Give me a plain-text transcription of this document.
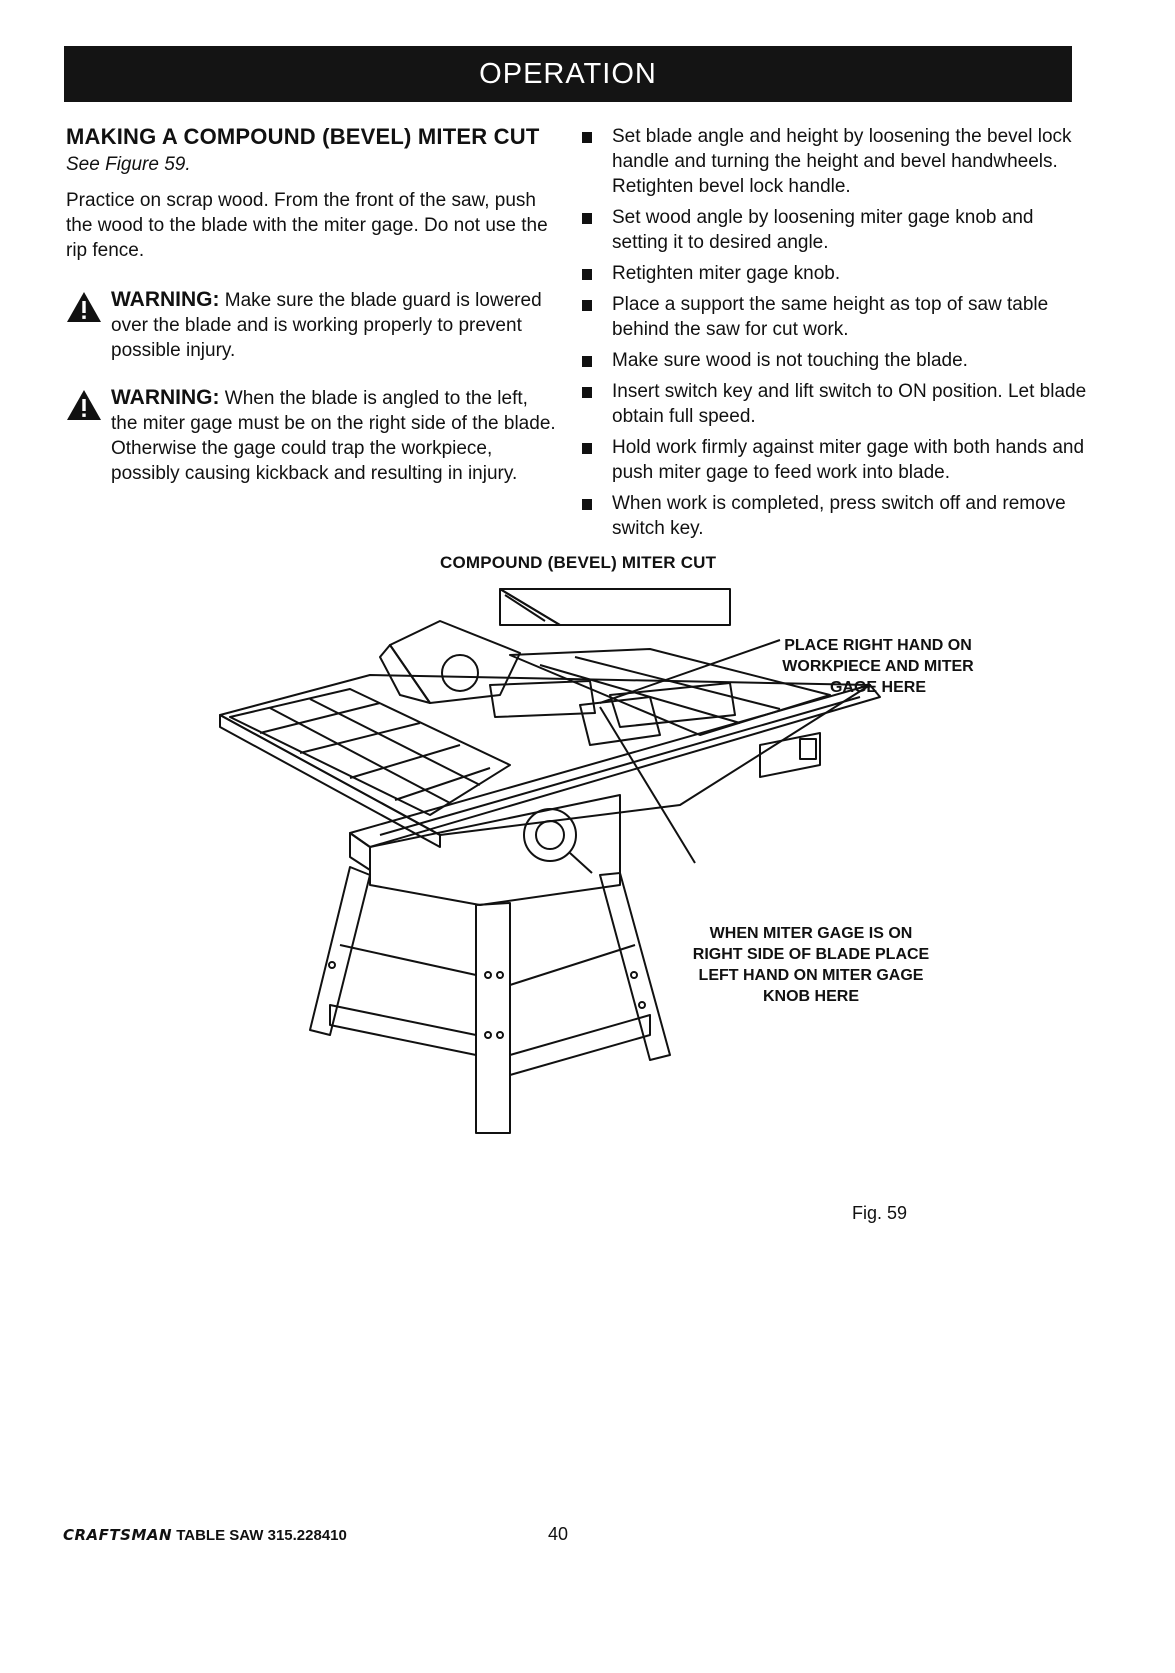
OPERATION
MAKING A COMPOUND (BEVEL) MITER CUT
See Figure 59.
Practice on scrap wood. From the front of the saw, push the wood to the blade with the miter gage. Do not use the rip fence.
WARNING: Make sure the blade guard is lowered over the blade and is working properly to prevent possible injury.
WARNING: When the blade is angled to the left, the miter gage must be on the right side of the blade. Otherwise the gage could trap the workpiece, possibly causing kickback and resulting in injury.
Set blade angle and height by loosening the bevel lock handle and turning the height and bevel handwheels. Retighten bevel lock handle.
Set wood angle by loosening miter gage knob and setting it to desired angle.
Retighten miter gage knob.
Place a support the same height as top of saw table behind the saw for cut work.
Make sure wood is not touching the blade.
Insert switch key and lift switch to ON position. Let blade obtain full speed.
Hold work firmly against miter gage with both hands and push miter gage to feed work into blade.
When work is completed, press switch off and remove switch key.
COMPOUND (BEVEL) MITER CUT
PLACE RIGHT HAND ON WORKPIECE AND MITER GAGE HERE
WHEN MITER GAGE IS ON RIGHT SIDE OF BLADE PLACE LEFT HAND ON MITER GAGE KNOB HERE
Fig. 59
CRAFTSMAN TABLE SAW 315.228410	40
